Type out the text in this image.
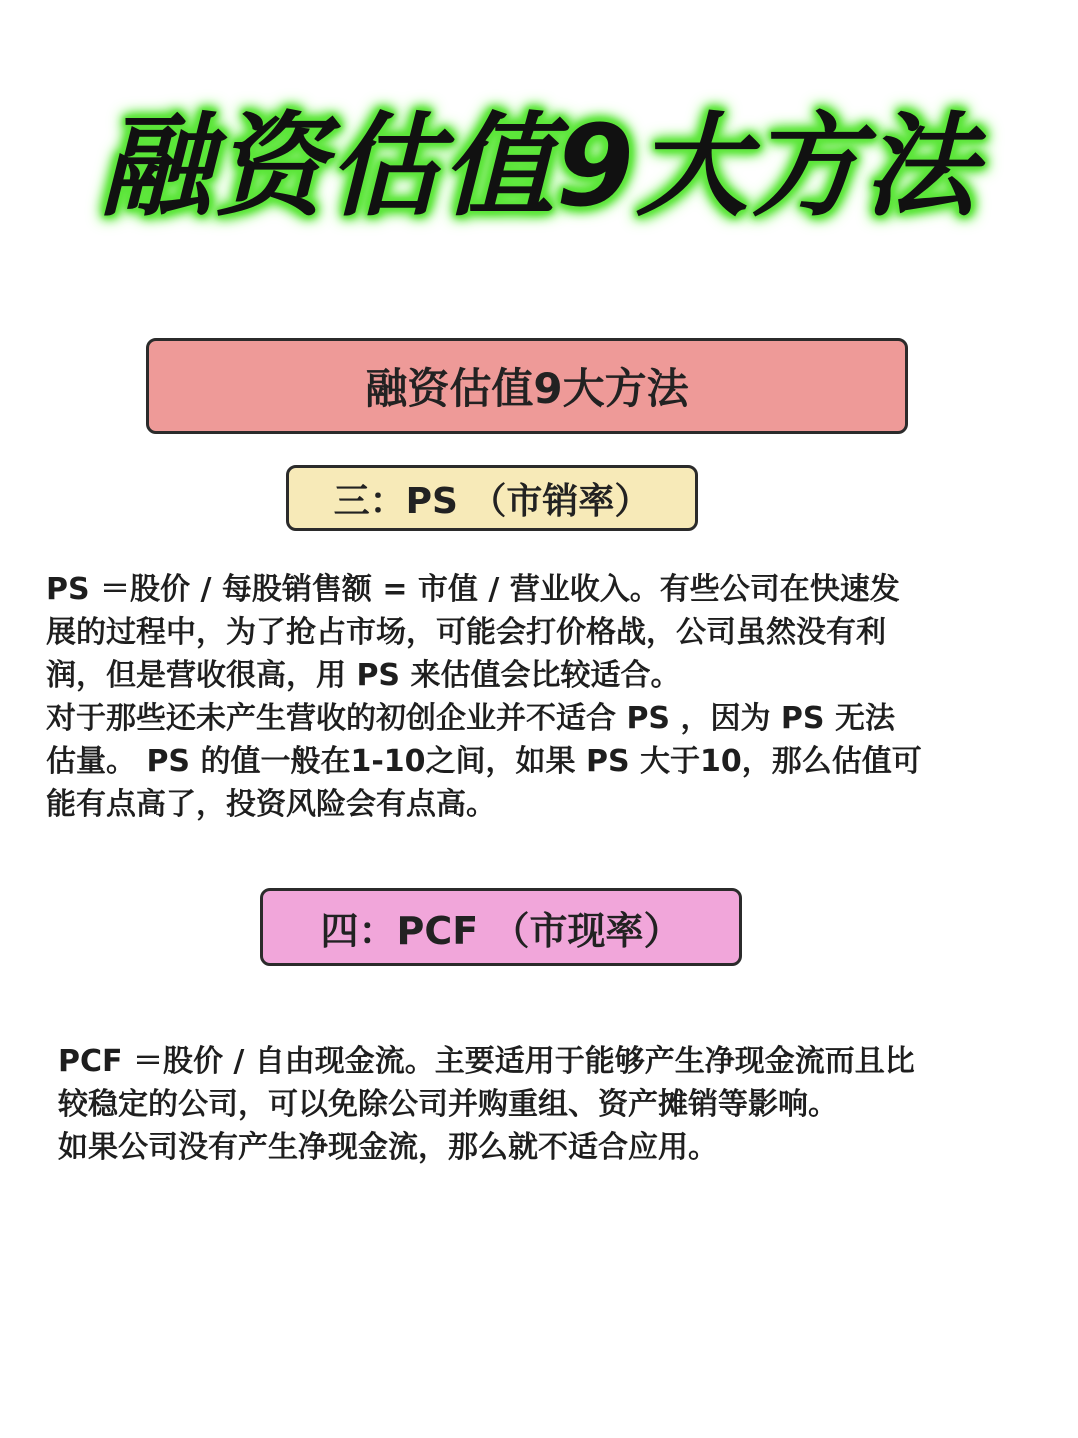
融资估值9大方法
融资估值9大方法
三：PS （市销率）

PS ＝股价 / 每股销售额 = 市值 / 营业收入。有些公司在快速发
展的过程中，为了抢占市场，可能会打价格战，公司虽然没有利
润，但是营收很高，用 PS 来估值会比较适合。
对于那些还未产生营收的初创企业并不适合 PS ，因为 PS 无法
估量。 PS 的值一般在1-10之间，如果 PS 大于10，那么估值可
能有点高了，投资风险会有点高。

四：PCF （市现率）

PCF ＝股价 / 自由现金流。主要适用于能够产生净现金流而且比
较稳定的公司，可以免除公司并购重组、资产摊销等影响。
如果公司没有产生净现金流，那么就不适合应用。
